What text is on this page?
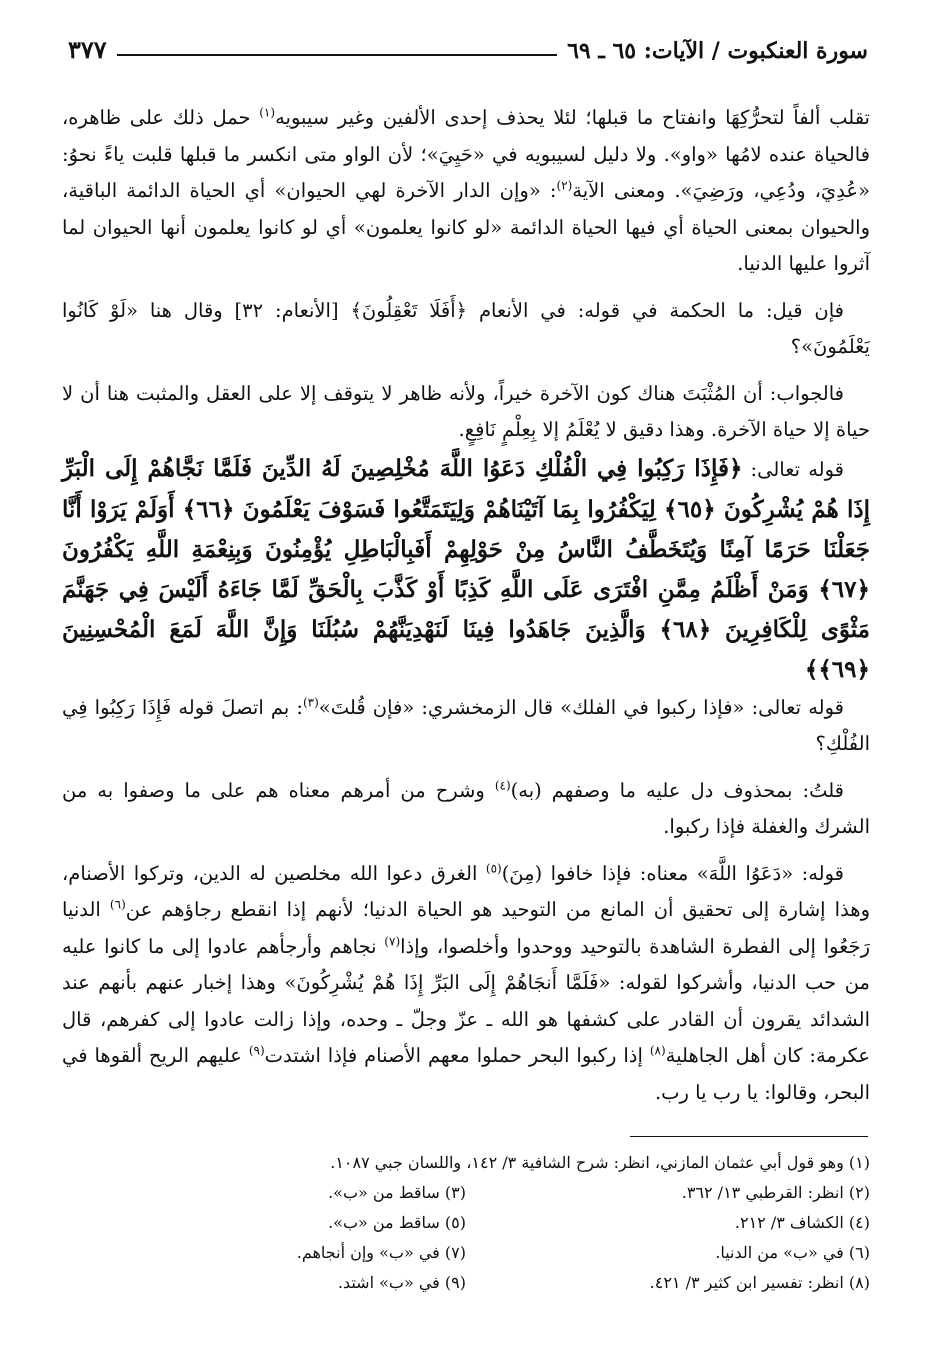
سورة العنكبوت / الآيات: ٦٥ ـ ٦٩
٣٧٧

تقلب ألفاً لتحرُّكِهَا وانفتاح ما قبلها؛ لئلا يحذف إحدى الألفين وغير سيبويه$^{(١)}$ حمل ذلك على ظاهره، فالحياة عنده لامُها «واو». ولا دليل لسيبويه في «حَيِيَ»؛ لأن الواو متى انكسر ما قبلها قلبت ياءً نحوُ: «عُدِيَ، ودُعِي، ورَضِيَ». ومعنى الآية$^{(٢)}$: «وإن الدار الآخرة لهي الحيوان» أي الحياة الدائمة الباقية، والحيوان بمعنى الحياة أي فيها الحياة الدائمة «لو كانوا يعلمون» أي لو كانوا يعلمون أنها الحيوان لما آثروا عليها الدنيا.

فإن قيل: ما الحكمة في قوله: في الأنعام ﴿أَفَلَا تَعْقِلُونَ﴾ [الأنعام: ٣٢] وقال هنا «لَوْ كَانُوا يَعْلَمُونَ»؟

فالجواب: أن المُثْبَتَ هناك كون الآخرة خيراً، ولأنه ظاهر لا يتوقف إلا على العقل والمثبت هنا أن لا حياة إلا حياة الآخرة. وهذا دقيق لا يُعْلَمُ إلا بِعِلْمٍ نَافِعٍ.

قوله تعالى: ﴿فَإِذَا رَكِبُوا فِي الْفُلْكِ دَعَوُا اللَّهَ مُخْلِصِينَ لَهُ الدِّينَ فَلَمَّا نَجَّاهُمْ إِلَى الْبَرِّ إِذَا هُمْ يُشْرِكُونَ ﴿٦٥﴾ لِيَكْفُرُوا بِمَا آتَيْنَاهُمْ وَلِيَتَمَتَّعُوا فَسَوْفَ يَعْلَمُونَ ﴿٦٦﴾ أَوَلَمْ يَرَوْا أَنَّا جَعَلْنَا حَرَمًا آمِنًا وَيُتَخَطَّفُ النَّاسُ مِنْ حَوْلِهِمْ أَفَبِالْبَاطِلِ يُؤْمِنُونَ وَبِنِعْمَةِ اللَّهِ يَكْفُرُونَ ﴿٦٧﴾ وَمَنْ أَظْلَمُ مِمَّنِ افْتَرَى عَلَى اللَّهِ كَذِبًا أَوْ كَذَّبَ بِالْحَقِّ لَمَّا جَاءَهُ أَلَيْسَ فِي جَهَنَّمَ مَثْوًى لِلْكَافِرِينَ ﴿٦٨﴾ وَالَّذِينَ جَاهَدُوا فِينَا لَنَهْدِيَنَّهُمْ سُبُلَنَا وَإِنَّ اللَّهَ لَمَعَ الْمُحْسِنِينَ ﴿٦٩﴾﴾

قوله تعالى: «فإذا ركبوا في الفلك» قال الزمخشري: «فإن قُلتَ»$^{(٣)}$: بم اتصلَ قوله فَإِذَا رَكِبُوا فِي الفُلْكِ؟

قلتُ: بمحذوف دل عليه ما وصفهم (به)$^{(٤)}$ وشرح من أمرهم معناه هم على ما وصفوا به من الشرك والغفلة فإذا ركبوا.

قوله: «دَعَوُا اللَّهَ» معناه: فإذا خافوا (مِنَ)$^{(٥)}$ الغرق دعوا الله مخلصين له الدين، وتركوا الأصنام، وهذا إشارة إلى تحقيق أن المانع من التوحيد هو الحياة الدنيا؛ لأنهم إذا انقطع رجاؤهم عن$^{(٦)}$ الدنيا رَجَعُوا إلى الفطرة الشاهدة بالتوحيد ووحدوا وأخلصوا، وإذا$^{(٧)}$ نجاهم وأرجأهم عادوا إلى ما كانوا عليه من حب الدنيا، وأشركوا لقوله: «فَلَمَّا أَنجَاهُمْ إِلَى البَرِّ إِذَا هُمْ يُشْرِكُونَ» وهذا إخبار عنهم بأنهم عند الشدائد يقرون أن القادر على كشفها هو الله ـ عزّ وجلّ ـ وحده، وإذا زالت عادوا إلى كفرهم، قال عكرمة: كان أهل الجاهلية$^{(٨)}$ إذا ركبوا البحر حملوا معهم الأصنام فإذا اشتدت$^{(٩)}$ عليهم الريح ألقوها في البحر، وقالوا: يا رب يا رب.

(١) وهو قول أبي عثمان المازني، انظر: شرح الشافية ٣/ ١٤٢، واللسان جبي ١٠٨٧.
(٢) انظر: القرطبي ١٣/ ٣٦٢.
(٣) ساقط من «ب».
(٤) الكشاف ٣/ ٢١٢.
(٥) ساقط من «ب».
(٦) في «ب» من الدنيا.
(٧) في «ب» وإن أنجاهم.
(٨) انظر: تفسير ابن كثير ٣/ ٤٢١.
(٩) في «ب» اشتد.
